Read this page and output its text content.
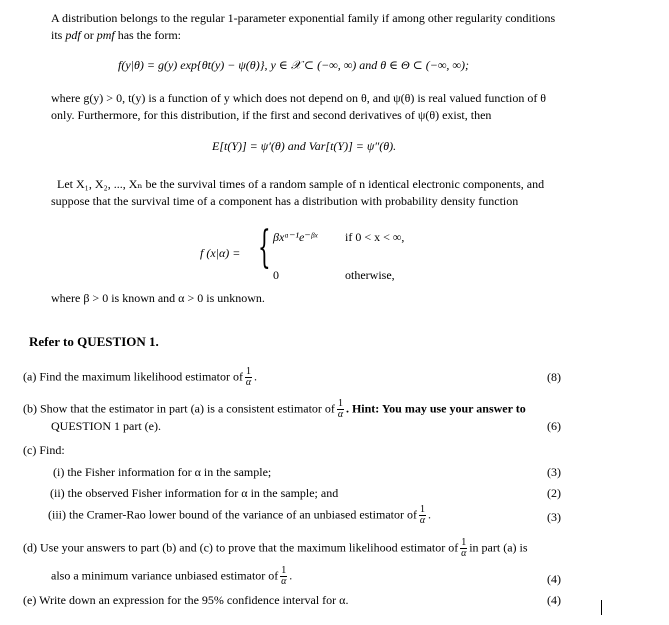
A distribution belongs to the regular 1-parameter exponential family if among other regularity conditions
its pdf or pmf has the form:
f(y|θ) = g(y) exp{θt(y) − ψ(θ)}, y ∈ 𝒳 ⊂ (−∞, ∞) and θ ∈ Θ ⊂ (−∞, ∞);
where g(y) > 0, t(y) is a function of y which does not depend on θ, and ψ(θ) is real valued function of θ
only. Furthermore, for this distribution, if the first and second derivatives of ψ(θ) exist, then
E[t(Y)] = ψ′(θ) and Var[t(Y)] = ψ″(θ).
Let X₁, X₂, ..., Xₙ be the survival times of a random sample of n identical electronic components, and
suppose that the survival time of a component has a distribution with probability density function
f (x|α) = { βxᵅ⁻¹e⁻ᵝˣ if 0 < x < ∞,
0	otherwise,
where β > 0 is known and α > 0 is unknown.
Refer to QUESTION 1.
(a) Find the maximum likelihood estimator of $\frac{1}{\alpha}$ .	(8)
(b) Show that the estimator in part (a) is a consistent estimator of $\frac{1}{\alpha}$ . Hint: You may use your answer to
QUESTION 1 part (e).	(6)
(c) Find:
(i) the Fisher information for α in the sample;	(3)
(ii) the observed Fisher information for α in the sample; and	(2)
(iii) the Cramer-Rao lower bound of the variance of an unbiased estimator of $\frac{1}{\alpha}$ .	(3)
(d) Use your answers to part (b) and (c) to prove that the maximum likelihood estimator of $\frac{1}{\alpha}$ in part (a) is
also a minimum variance unbiased estimator of $\frac{1}{\alpha}$ .	(4)
(e) Write down an expression for the 95% confidence interval for α.	(4)
